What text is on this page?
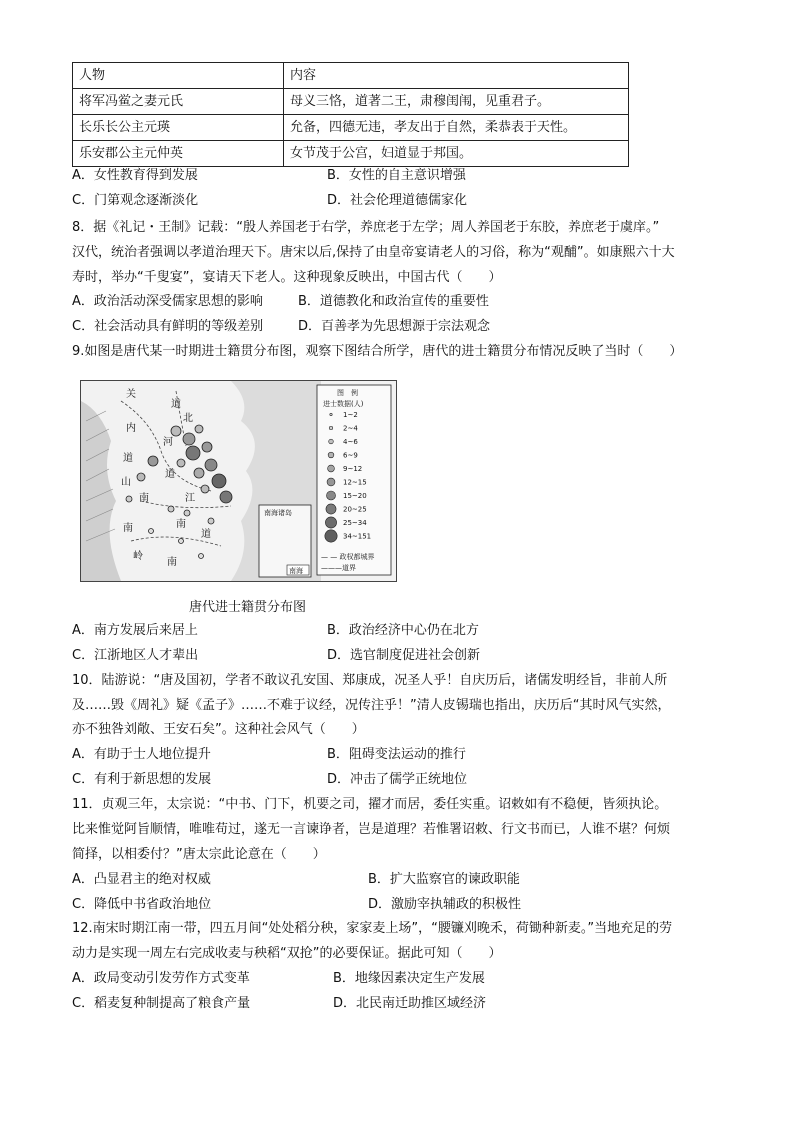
人物	内容
将军冯鲎之妻元氏	母义三恪，道著二王，肃穆闺闱，见重君子。
长乐长公主元瑛	允备，四德无违，孝友出于自然，柔恭表于天性。
乐安郡公主元仲英	女节茂于公宫，妇道显于邦国。
A．女性教育得到发展	B．女性的自主意识增强
C．门第观念逐渐淡化	D．社会伦理道德儒家化
8．据《礼记・王制》记载：“殷人养国老于右学，养庶老于左学；周人养国老于东胶，养庶老于虞庠。”
汉代，统治者强调以孝道治理天下。唐宋以后,保持了由皇帝宴请老人的习俗，称为“观酺”。如康熙六十大
寿时，举办“千叟宴”，宴请天下老人。这种现象反映出，中国古代（　　）
A．政治活动深受儒家思想的影响	B．道德教化和政治宣传的重要性
C．社会活动具有鲜明的等级差别	D．百善孝为先思想源于宗法观念
9.如图是唐代某一时期进士籍贯分布图，观察下图结合所学，唐代的进士籍贯分布情况反映了当时（　　）
关
内
道
北
河
道
道
山
南	江
南
南
道
岭
南
南海诸岛
南海
图　例
进士数据(人)
1~2
2~4
4~6
6~9
9~12
12~15
15~20
20~25
25~34
34~151
— — 政权都城界
———道界
唐代进士籍贯分布图
A．南方发展后来居上	B．政治经济中心仍在北方
C．江浙地区人才辈出	D．选官制度促进社会创新
10．陆游说：“唐及国初，学者不敢议孔安国、郑康成，况圣人乎！自庆历后，诸儒发明经旨，非前人所
及……毁《周礼》疑《孟子》……不难于议经，况传注乎！”清人皮锡瑞也指出，庆历后“其时风气实然，
亦不独咎刘敞、王安石矣”。这种社会风气（　　）
A．有助于士人地位提升	B．阻碍变法运动的推行
C．有利于新思想的发展	D．冲击了儒学正统地位
11．贞观三年，太宗说：“中书、门下，机要之司，擢才而居，委任实重。诏敕如有不稳便，皆须执论。
比来惟觉阿旨顺情，唯唯苟过，遂无一言谏诤者，岂是道理？若惟署诏敕、行文书而已，人谁不堪？何烦
简择，以相委付？”唐太宗此论意在（　　）
A．凸显君主的绝对权威	B．扩大监察官的谏政职能
C．降低中书省政治地位	D．激励宰执辅政的积极性
12.南宋时期江南一带，四五月间“处处稻分秧，家家麦上场”，“腰镰刈晚禾，荷锄种新麦。”当地充足的劳
动力是实现一周左右完成收麦与秧稻“双抢”的必要保证。据此可知（　　）
A．政局变动引发劳作方式变革	B．地缘因素决定生产发展
C．稻麦复种制提高了粮食产量	D．北民南迁助推区域经济
